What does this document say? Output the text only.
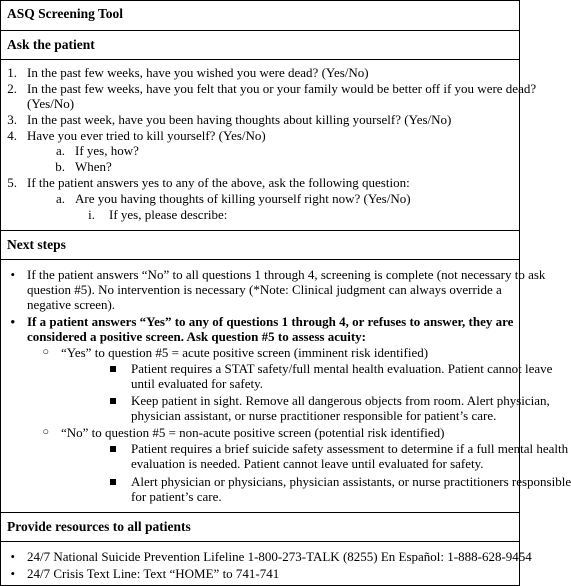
ASQ Screening Tool
Ask the patient
1. In the past few weeks, have you wished you were dead? (Yes/No)
2. In the past few weeks, have you felt that you or your family would be better off if you were dead?
(Yes/No)
3. In the past week, have you been having thoughts about killing yourself? (Yes/No)
4. Have you ever tried to kill yourself? (Yes/No)
a. If yes, how?
b. When?
5. If the patient answers yes to any of the above, ask the following question:
a. Are you having thoughts of killing yourself right now? (Yes/No)
i. If yes, please describe:
Next steps
• If the patient answers “No” to all questions 1 through 4, screening is complete (not necessary to ask
question #5). No intervention is necessary (*Note: Clinical judgment can always override a
negative screen).
• If a patient answers “Yes” to any of questions 1 through 4, or refuses to answer, they are
considered a positive screen. Ask question #5 to assess acuity:
○ “Yes” to question #5 = acute positive screen (imminent risk identified)
Patient requires a STAT safety/full mental health evaluation. Patient cannot leave
until evaluated for safety.
Keep patient in sight. Remove all dangerous objects from room. Alert physician,
physician assistant, or nurse practitioner responsible for patient’s care.
○ “No” to question #5 = non-acute positive screen (potential risk identified)
Patient requires a brief suicide safety assessment to determine if a full mental health
evaluation is needed. Patient cannot leave until evaluated for safety.
Alert physician or physicians, physician assistants, or nurse practitioners responsible
for patient’s care.
Provide resources to all patients
• 24/7 National Suicide Prevention Lifeline 1-800-273-TALK (8255) En Español: 1-888-628-9454
• 24/7 Crisis Text Line: Text “HOME” to 741-741
